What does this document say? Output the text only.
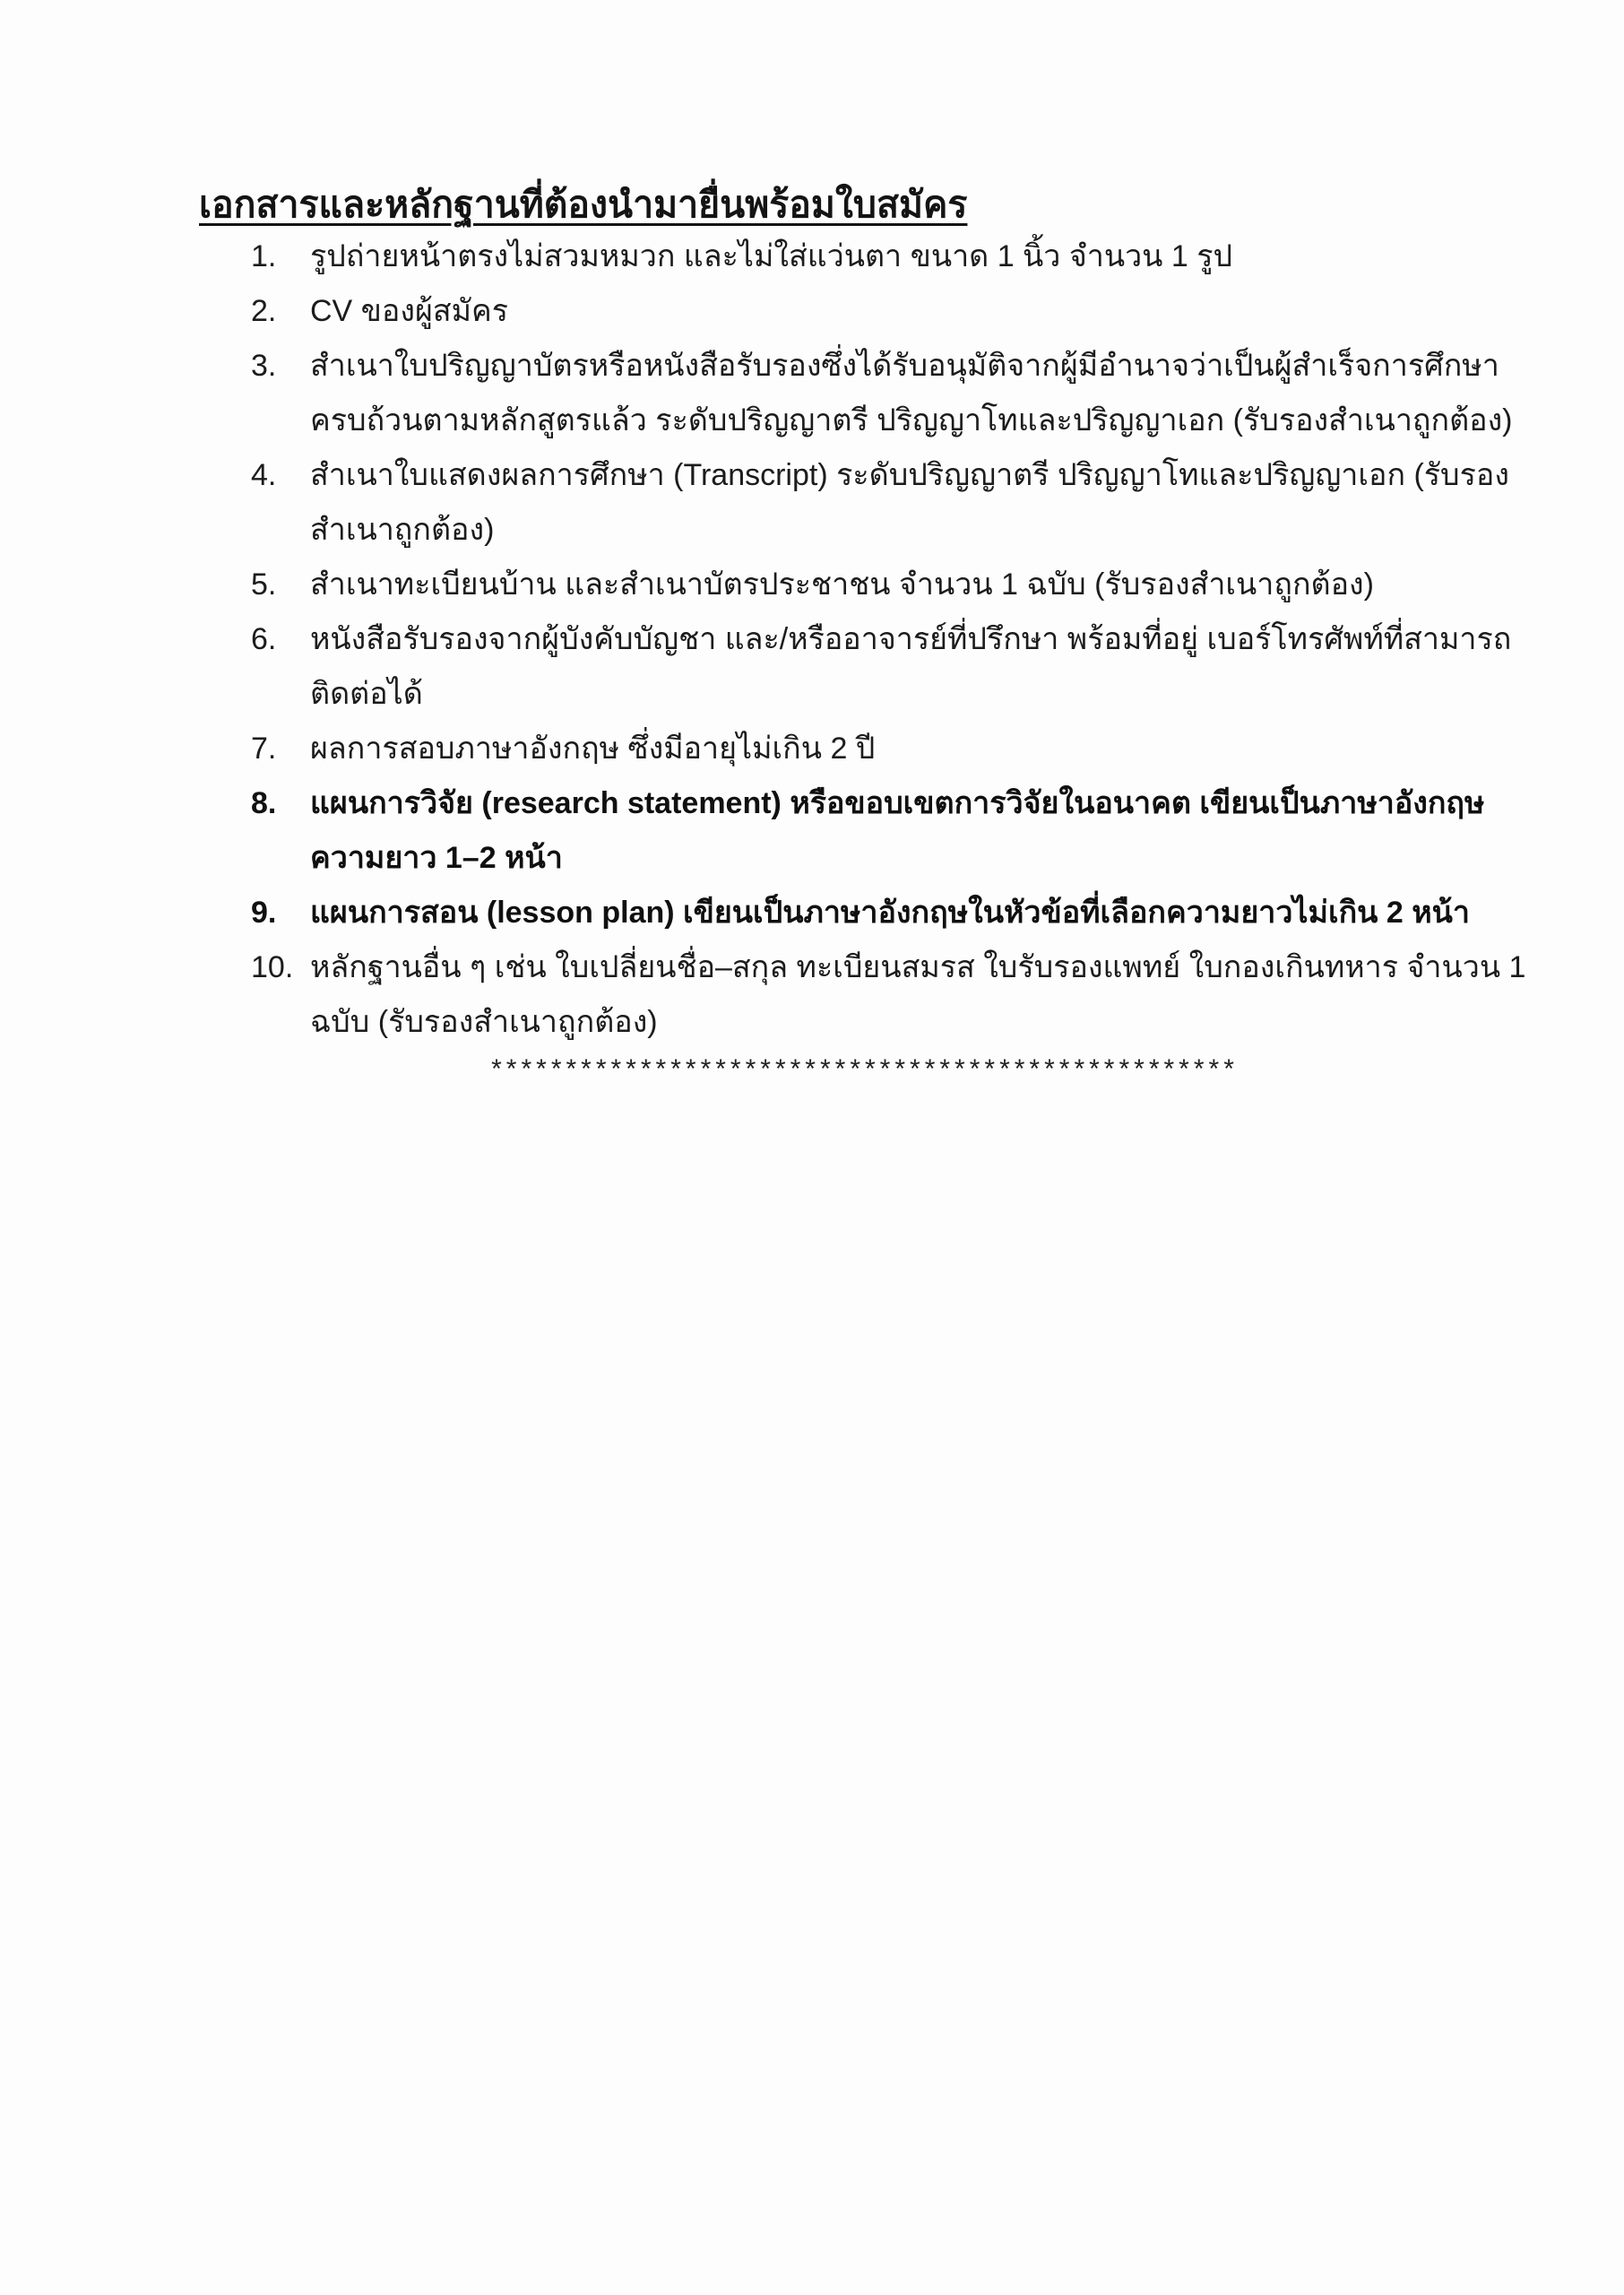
เอกสารและหลักฐานที่ต้องนำมายื่นพร้อมใบสมัคร
1.	รูปถ่ายหน้าตรงไม่สวมหมวก และไม่ใส่แว่นตา ขนาด 1 นิ้ว จำนวน 1 รูป
2.	CV ของผู้สมัคร
3.	สำเนาใบปริญญาบัตรหรือหนังสือรับรองซึ่งได้รับอนุมัติจากผู้มีอำนาจว่าเป็นผู้สำเร็จการศึกษา
ครบถ้วนตามหลักสูตรแล้ว ระดับปริญญาตรี ปริญญาโทและปริญญาเอก (รับรองสำเนาถูกต้อง)
4.	สำเนาใบแสดงผลการศึกษา (Transcript) ระดับปริญญาตรี ปริญญาโทและปริญญาเอก (รับรอง
สำเนาถูกต้อง)
5.	สำเนาทะเบียนบ้าน และสำเนาบัตรประชาชน จำนวน 1 ฉบับ (รับรองสำเนาถูกต้อง)
6.	หนังสือรับรองจากผู้บังคับบัญชา และ/หรืออาจารย์ที่ปรึกษา พร้อมที่อยู่ เบอร์โทรศัพท์ที่สามารถ
ติดต่อได้
7.	ผลการสอบภาษาอังกฤษ ซึ่งมีอายุไม่เกิน 2 ปี
8.	แผนการวิจัย (research statement) หรือขอบเขตการวิจัยในอนาคต เขียนเป็นภาษาอังกฤษ
ความยาว 1–2 หน้า
9.	แผนการสอน (lesson plan) เขียนเป็นภาษาอังกฤษในหัวข้อที่เลือกความยาวไม่เกิน 2 หน้า
10. หลักฐานอื่น ๆ เช่น ใบเปลี่ยนชื่อ–สกุล ทะเบียนสมรส ใบรับรองแพทย์ ใบกองเกินทหาร จำนวน 1
ฉบับ (รับรองสำเนาถูกต้อง)
**************************************************
